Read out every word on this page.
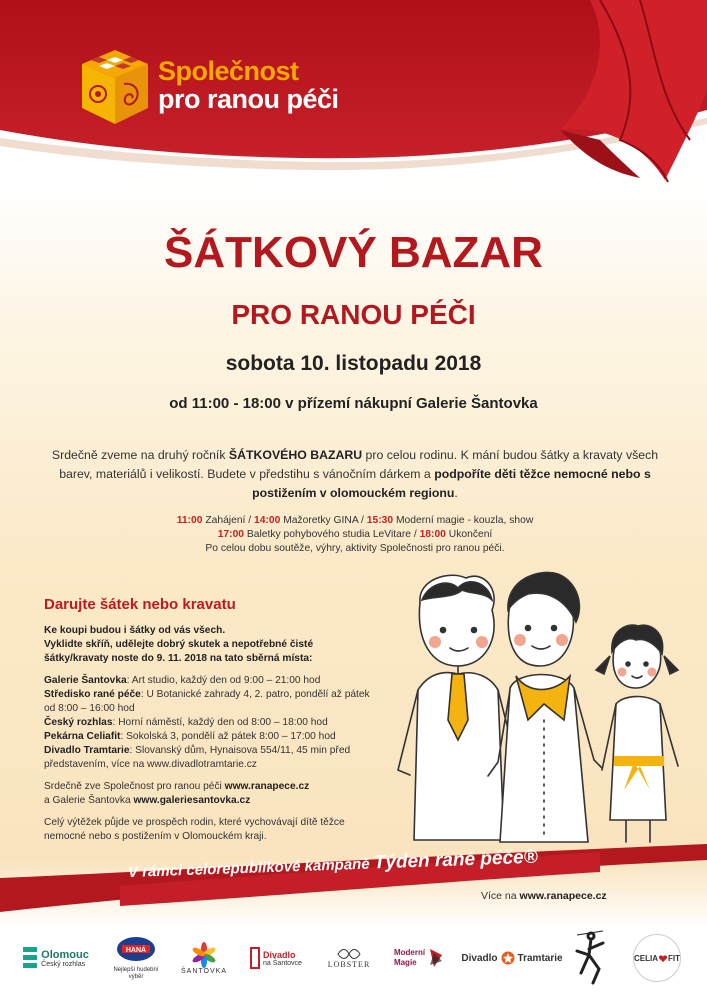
Společnost
pro ranou péči
ŠÁTKOVÝ BAZAR
PRO RANOU PÉČI
sobota 10. listopadu 2018
od 11:00 - 18:00 v přízemí nákupní Galerie Šantovka
Srdečně zveme na druhý ročník ŠÁTKOVÉHO BAZARU pro celou rodinu. K mání budou šátky a kravaty všech barev, materiálů i velikostí. Budete v předstihu s vánočním dárkem a podpoříte děti těžce nemocné nebo s postižením v olomouckém regionu.
11:00 Zahájení / 14:00 Mažoretky GINA / 15:30 Moderní magie - kouzla, show
17:00 Baletky pohybového studia LeVitare / 18:00 Ukončení
Po celou dobu soutěže, výhry, aktivity Společnosti pro ranou péči.
Darujte šátek nebo kravatu

Ke koupi budou i šátky od vás všech.
Vyklidte skříň, udělejte dobrý skutek a nepotřebné čisté šátky/kravaty noste do 9. 11. 2018 na tato sběrná místa:

Galerie Šantovka: Art studio, každý den od 9:00 – 21:00 hod
Středisko rané péče: U Botanické zahrady 4, 2. patro, pondělí až pátek od 8:00 – 16:00 hod
Český rozhlas: Horní náměstí, každý den od 8:00 – 18:00 hod
Pekárna Celiafit: Sokolská 3, pondělí až pátek 8:00 – 17:00 hod
Divadlo Tramtarie: Slovanský dům, Hynaisova 554/11, 45 min před představením, více na www.divadlotramtarie.cz

Srdečně zve Společnost pro ranou péči www.ranapece.cz
a Galerie Šantovka www.galeriesantovka.cz

Celý výtěžek půjde ve prospěch rodin, které vychovávají dítě těžce nemocné nebo s postižením v Olomouckém kraji.

V rámci celorepublikové kampaně Týden rané péče®
Více na www.ranapece.cz
Olomouc
Český rozhlas
HANÁ
Nejlepší hudební výběr
ŠANTOVKA
Divadlo
na Šantovce	LOBSTER
Moderní
Magie	Divadlo Tramtarie	CELIA FIT
